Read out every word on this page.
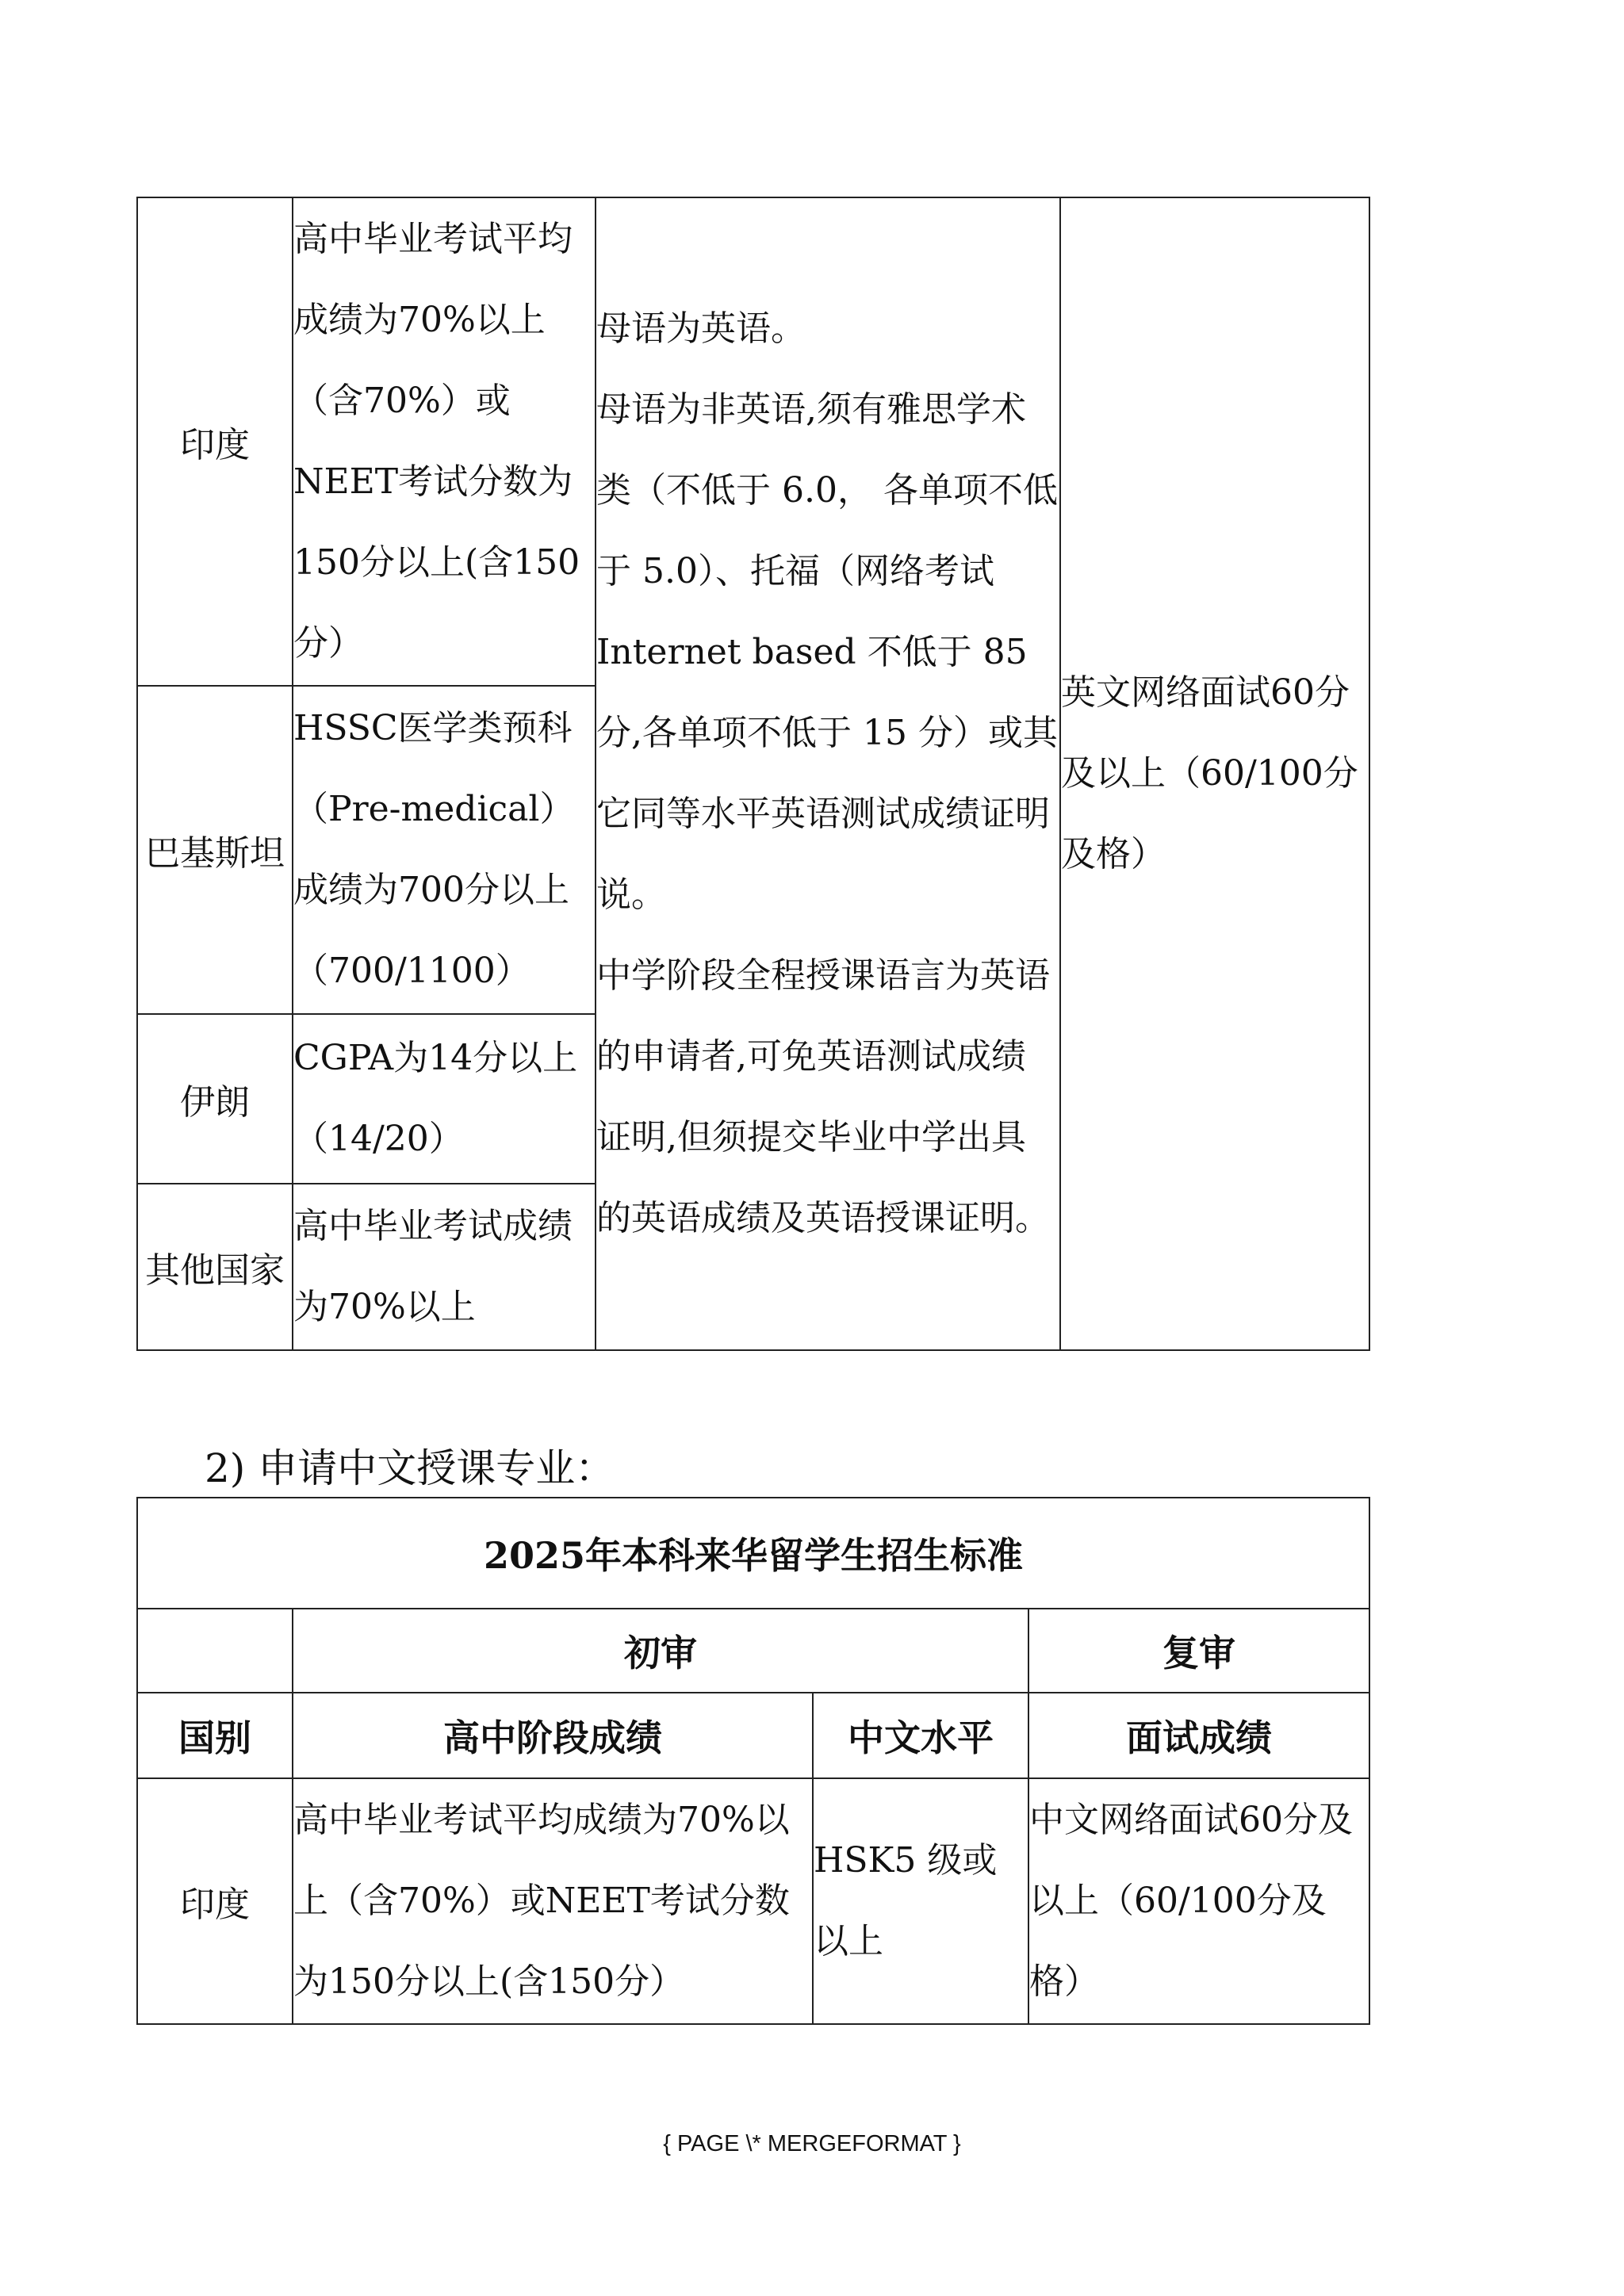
印度	高中毕业考试平均成绩为70%以上（含70%）或NEET考试分数为150分以上(含150分）	母语为英语。

母语为非英语,须有雅思学术类（不低于 6.0， 各单项不低于 5.0）、托福（网络考试 Internet based 不低于 85分,各单项不低于 15 分）或其它同等水平英语测试成绩证明说。

中学阶段全程授课语言为英语的申请者,可免英语测试成绩证明,但须提交毕业中学出具的英语成绩及英语授课证明。	英文网络面试60分及以上（60/100分及格）
巴基斯坦	HSSC医学类预科（Pre-medical）成绩为700分以上（700/1100）		
伊朗	CGPA为14分以上（14/20）		
其他国家	高中毕业考试成绩为70%以上		
2) 申请中文授课专业：
2025年本科来华留学生招生标准			
	初审		复审
国别	高中阶段成绩	中文水平	面试成绩
印度	高中毕业考试平均成绩为70%以上（含70%）或NEET考试分数为150分以上(含150分）	HSK5 级或以上	中文网络面试60分及以上（60/100分及格）
{ PAGE \* MERGEFORMAT }
